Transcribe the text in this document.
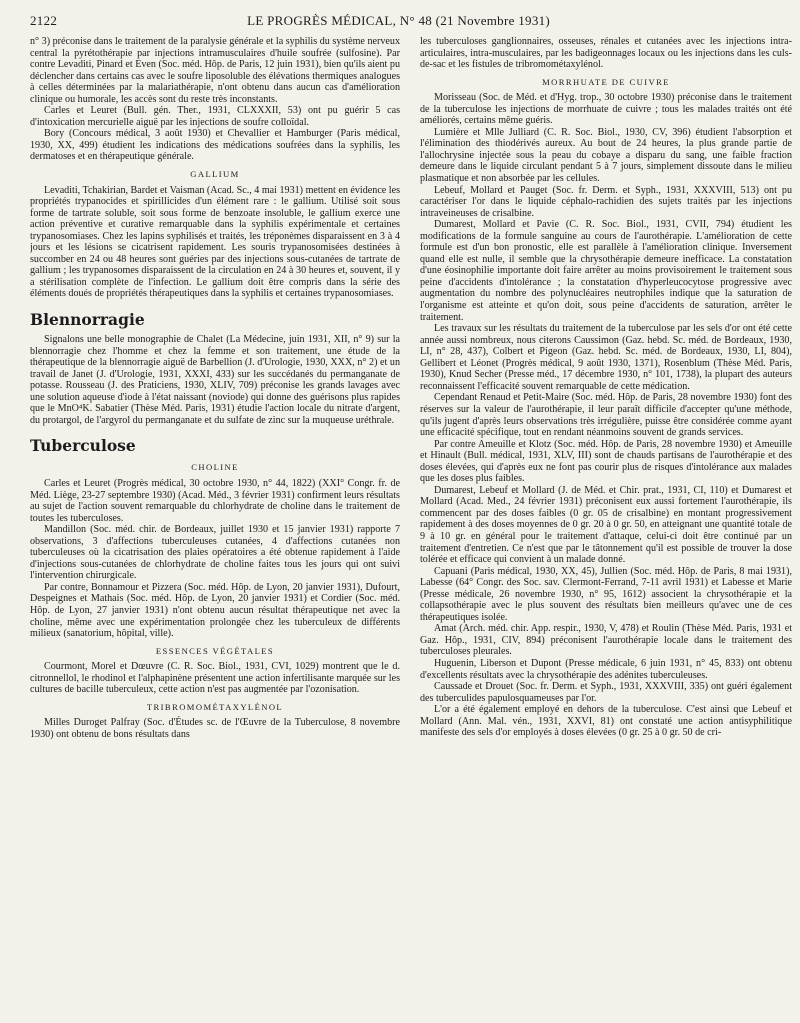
2122	LE PROGRÈS MÉDICAL, N° 48 (21 Novembre 1931)

n° 3) préconise dans le traitement de la paralysie générale et la syphilis du système nerveux central la pyrétothérapie par injections intramusculaires d'huile soufrée (sulfosine). Par contre Levaditi, Pinard et Even (Soc. méd. Hôp. de Paris, 12 juin 1931), bien qu'ils aient pu déclencher dans certains cas avec le soufre liposoluble des élévations thermiques analogues à celles déterminées par la malariathérapie, n'ont obtenu dans aucun cas d'amélioration clinique ou humorale, les accès sont du reste très inconstants.

Carles et Leuret (Bull. gén. Ther., 1931, CLXXXII, 53) ont pu guérir 5 cas d'intoxication mercurielle aiguë par les injections de soufre colloïdal.

Bory (Concours médical, 3 août 1930) et Chevallier et Hamburger (Paris médical, 1930, XX, 499) étudient les indications des médications soufrées dans la syphilis, les dermatoses et en thérapeutique générale.

GALLIUM

Levaditi, Tchakirian, Bardet et Vaisman (Acad. Sc., 4 mai 1931) mettent en évidence les propriétés trypanocides et spirillicides d'un élément rare : le gallium. Utilisé soit sous forme de tartrate soluble, soit sous forme de benzoate insoluble, le gallium exerce une action préventive et curative remarquable dans la syphilis expérimentale et certaines trypanosomiases. Chez les lapins syphilisés et traités, les tréponèmes disparaissent en 3 à 4 jours et les lésions se cicatrisent rapidement. Les souris trypanosomisées destinées à succomber en 24 ou 48 heures sont guéries par des injections sous-cutanées de tartrate de gallium ; les trypanosomes disparaissent de la circulation en 24 à 30 heures et, souvent, il y a stérilisation complète de l'infection. Le gallium doit être compris dans la série des éléments doués de propriétés thérapeutiques dans la syphilis et certaines trypanosomiases.

Blennorragie

Signalons une belle monographie de Chalet (La Médecine, juin 1931, XII, n° 9) sur la blennorragie chez l'homme et chez la femme et son traitement, une étude de la thérapeutique de la blennorragie aiguë de Barbellion (J. d'Urologie, 1930, XXX, n° 2) et un travail de Janet (J. d'Urologie, 1931, XXXI, 433) sur les succédanés du permanganate de potasse. Rousseau (J. des Praticiens, 1930, XLIV, 709) préconise les grands lavages avec une solution aqueuse d'iode à l'état naissant (noviode) qui donne des guérisons plus rapides que le MnO⁴K. Sabatier (Thèse Méd. Paris, 1931) étudie l'action locale du nitrate d'argent, du protargol, de l'argyrol du permanganate et du sulfate de zinc sur la muqueuse uréthrale.

Tuberculose
CHOLINE

Carles et Leuret (Progrès médical, 30 octobre 1930, n° 44, 1822) (XXI° Congr. fr. de Méd. Liège, 23-27 septembre 1930) (Acad. Méd., 3 février 1931) confirment leurs résultats au sujet de l'action souvent remarquable du chlorhydrate de choline dans le traitement de toutes les tuberculoses.

Mandillon (Soc. méd. chir. de Bordeaux, juillet 1930 et 15 janvier 1931) rapporte 7 observations, 3 d'affections tuberculeuses cutanées, 4 d'affections cutanées non tuberculeuses où la cicatrisation des plaies opératoires a été obtenue rapidement à l'aide d'injections sous-cutanées de chlorhydrate de choline faites tous les jours qui ont suivi l'intervention chirurgicale.

Par contre, Bonnamour et Pizzera (Soc. méd. Hôp. de Lyon, 20 janvier 1931), Dufourt, Despeignes et Mathais (Soc. méd. Hôp. de Lyon, 20 janvier 1931) et Cordier (Soc. méd. Hôp. de Lyon, 27 janvier 1931) n'ont obtenu aucun résultat thérapeutique net avec la choline, même avec une expérimentation prolongée chez les tuberculeux de différents milieux (sanatorium, hôpital, ville).

ESSENCES VÉGÉTALES

Courmont, Morel et Dœuvre (C. R. Soc. Biol., 1931, CVI, 1029) montrent que le d. citronnellol, le rhodinol et l'alphapinène présentent une action infertilisante marquée sur les cultures de bacille tuberculeux, cette action n'est pas augmentée par l'ozonisation.

TRIBROMOMÉTAXYLÉNOL

Milles Duroget Palfray (Soc. d'Études sc. de l'Œuvre de la Tuberculose, 8 novembre 1930) ont obtenu de bons résultats dans

les tuberculoses ganglionnaires, osseuses, rénales et cutanées avec les injections intra-articulaires, intra-musculaires, par les badigeonnages locaux ou les injections dans les culs-de-sac et les fistules de tribromométaxylénol.

MORRHUATE DE CUIVRE

Morisseau (Soc. de Méd. et d'Hyg. trop., 30 octobre 1930) préconise dans le traitement de la tuberculose les injections de morrhuate de cuivre ; tous les malades traités ont été améliorés, certains même guéris.

Lumière et Mlle Julliard (C. R. Soc. Biol., 1930, CV, 396) étudient l'absorption et l'élimination des thiodérivés aureux. Au bout de 24 heures, la plus grande partie de l'allochrysine injectée sous la peau du cobaye a disparu du sang, une faible fraction demeure dans le liquide circulant pendant 5 à 7 jours, simplement dissoute dans le milieu plasmatique et non absorbée par les cellules.

Lebeuf, Mollard et Pauget (Soc. fr. Derm. et Syph., 1931, XXXVIII, 513) ont pu caractériser l'or dans le liquide céphalo-rachidien des sujets traités par les injections intraveineuses de crisalbine.

Dumarest, Mollard et Pavie (C. R. Soc. Biol., 1931, CVII, 794) étudient les modifications de la formule sanguine au cours de l'aurothérapie. L'amélioration de cette formule est d'un bon pronostic, elle est parallèle à l'amélioration clinique. Inversement quand elle est nulle, il semble que la chrysothérapie demeure inefficace. La constatation d'une éosinophilie importante doit faire arrêter au moins provisoirement le traitement sous peine d'accidents d'intolérance ; la constatation d'hyperleucocytose progressive avec augmentation du nombre des polynucléaires neutrophiles indique que la saturation de l'organisme est atteinte et qu'on doit, sous peine d'accidents de saturation, arrêter le traitement.

Les travaux sur les résultats du traitement de la tuberculose par les sels d'or ont été cette année aussi nombreux, nous citerons Caussimon (Gaz. hebd. Sc. méd. de Bordeaux, 1930, LI, n° 28, 437), Colbert et Pigeon (Gaz. hebd. Sc. méd. de Bordeaux, 1930, LI, 804), Gellibert et Léonet (Progrès médical, 9 août 1930, 1371), Rosenblum (Thèse Méd. Paris, 1930), Knud Secher (Presse méd., 17 décembre 1930, n° 101, 1738), la plupart des auteurs reconnaissent l'efficacité souvent remarquable de cette médication.

Cependant Renaud et Petit-Maire (Soc. méd. Hôp. de Paris, 28 novembre 1930) font des réserves sur la valeur de l'aurothérapie, il leur paraît difficile d'accepter qu'une méthode, qu'ils jugent d'après leurs observations très irrégulière, puisse être considérée comme ayant une efficacité spécifique, tout en rendant néanmoins souvent de grands services.

Par contre Ameuille et Klotz (Soc. méd. Hôp. de Paris, 28 novembre 1930) et Ameuille et Hinault (Bull. médical, 1931, XLV, III) sont de chauds partisans de l'aurothérapie et des doses élevées, qui d'après eux ne font pas courir plus de risques d'intolérance aux malades que les doses plus faibles.

Dumarest, Lebeuf et Mollard (J. de Méd. et Chir. prat., 1931, CI, 110) et Dumarest et Mollard (Acad. Med., 24 février 1931) préconisent eux aussi fortement l'aurothérapie, ils commencent par des doses faibles (0 gr. 05 de crisalbine) en montant progressivement rapidement à des doses moyennes de 0 gr. 20 à 0 gr. 50, en atteignant une quantité totale de 9 à 10 gr. en général pour le traitement d'attaque, celui-ci doit être continué par un traitement d'entretien. Ce n'est que par le tâtonnement qu'il est possible de trouver la dose tolérée et efficace qui convient à un malade donné.

Capuani (Paris médical, 1930, XX, 45), Jullien (Soc. méd. Hôp. de Paris, 8 mai 1931), Labesse (64° Congr. des Soc. sav. Clermont-Ferrand, 7-11 avril 1931) et Labesse et Marie (Presse médicale, 26 novembre 1930, n° 95, 1612) associent la chrysothérapie et la collapsothérapie avec le plus souvent des résultats bien meilleurs qu'avec une de ces thérapeutiques isolée.

Amat (Arch. méd. chir. App. respir., 1930, V, 478) et Roulin (Thèse Méd. Paris, 1931 et Gaz. Hôp., 1931, CIV, 894) préconisent l'aurothérapie locale dans le traitement des tuberculoses pleurales.

Huguenin, Liberson et Dupont (Presse médicale, 6 juin 1931, n° 45, 833) ont obtenu d'excellents résultats avec la chrysothérapie des adénites tuberculeuses.

Caussade et Drouet (Soc. fr. Derm. et Syph., 1931, XXXVIII, 335) ont guéri également des tuberculides papulosquameuses par l'or.

L'or a été également employé en dehors de la tuberculose. C'est ainsi que Lebeuf et Mollard (Ann. Mal. vén., 1931, XXVI, 81) ont constaté une action antisyphilitique manifeste des sels d'or employés à doses élevées (0 gr. 25 à 0 gr. 50 de cri-
